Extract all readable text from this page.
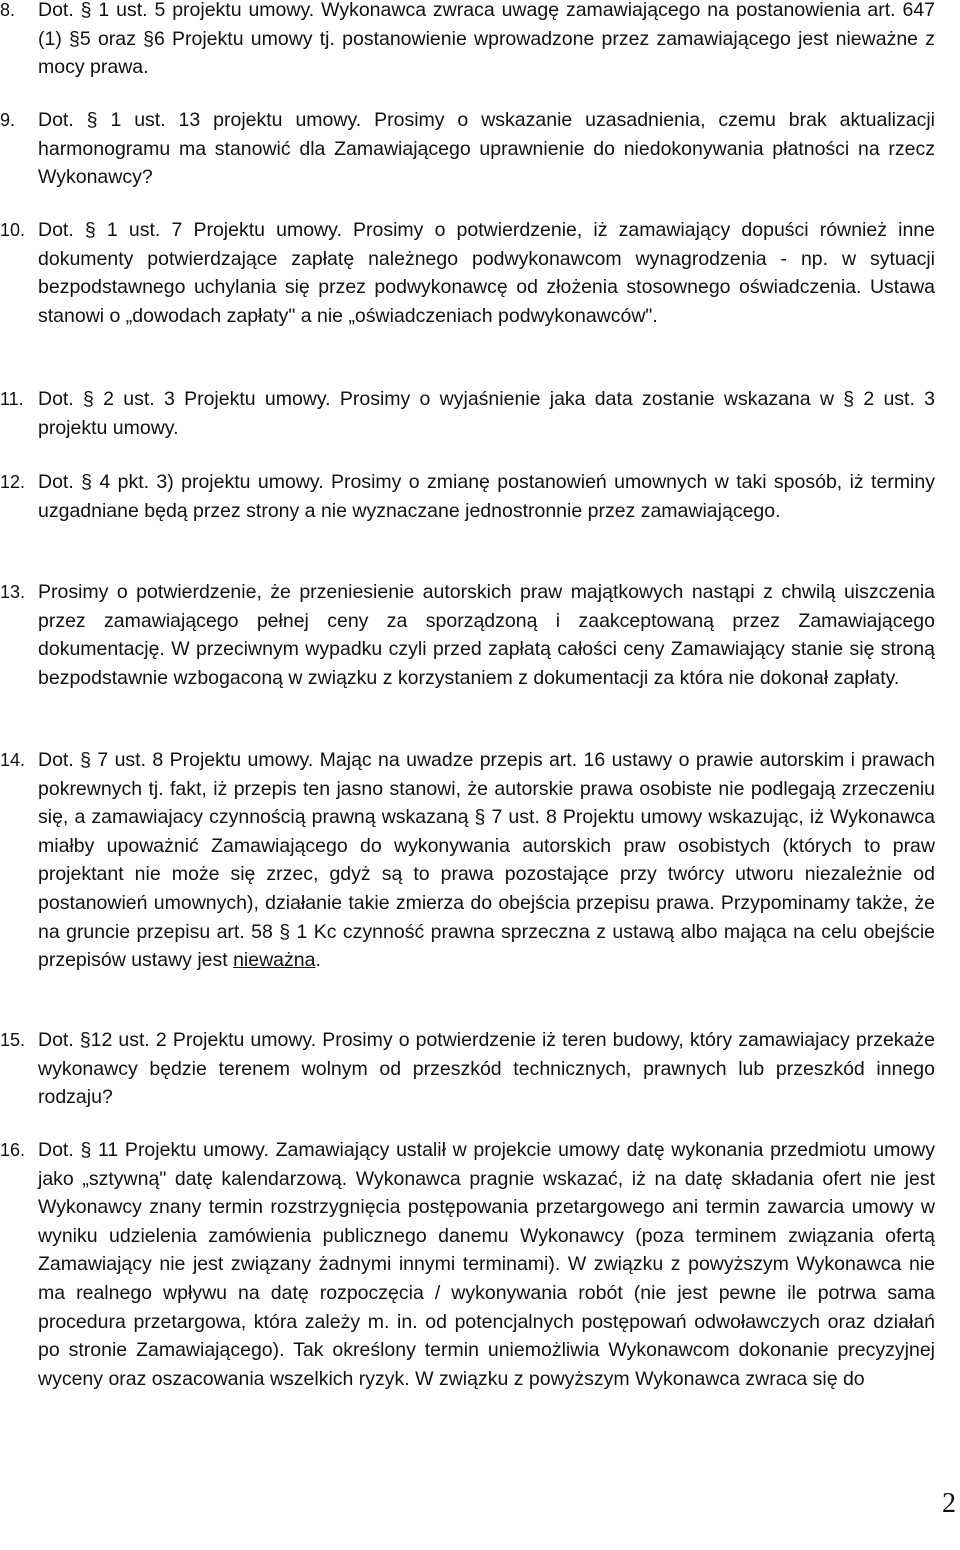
8. Dot. § 1 ust. 5 projektu umowy. Wykonawca zwraca uwagę zamawiającego na postanowienia art. 647 (1) §5 oraz §6 Projektu umowy tj. postanowienie wprowadzone przez zamawiającego jest nieważne z mocy prawa.
9. Dot. § 1 ust. 13 projektu umowy. Prosimy o wskazanie uzasadnienia, czemu brak aktualizacji harmonogramu ma stanowić dla Zamawiającego uprawnienie do niedokonywania płatności na rzecz Wykonawcy?
10. Dot. § 1 ust. 7 Projektu umowy. Prosimy o potwierdzenie, iż zamawiający dopuści również inne dokumenty potwierdzające zapłatę należnego podwykonawcom wynagrodzenia - np. w sytuacji bezpodstawnego uchylania się przez podwykonawcę od złożenia stosownego oświadczenia. Ustawa stanowi o „dowodach zapłaty" a nie „oświadczeniach podwykonawców".
11. Dot. § 2 ust. 3 Projektu umowy. Prosimy o wyjaśnienie jaka data zostanie wskazana w § 2 ust. 3 projektu umowy.
12. Dot. § 4 pkt. 3) projektu umowy. Prosimy o zmianę postanowień umownych w taki sposób, iż terminy uzgadniane będą przez strony a nie wyznaczane jednostronnie przez zamawiającego.
13. Prosimy o potwierdzenie, że przeniesienie autorskich praw majątkowych nastąpi z chwilą uiszczenia przez zamawiającego pełnej ceny za sporządzoną i zaakceptowaną przez Zamawiającego dokumentację. W przeciwnym wypadku czyli przed zapłatą całości ceny Zamawiający stanie się stroną bezpodstawnie wzbogaconą w związku z korzystaniem z dokumentacji za która nie dokonał zapłaty.
14. Dot. § 7 ust. 8 Projektu umowy. Mając na uwadze przepis art. 16 ustawy o prawie autorskim i prawach pokrewnych tj. fakt, iż przepis ten jasno stanowi, że autorskie prawa osobiste nie podlegają zrzeczeniu się, a zamawiajacy czynnością prawną wskazaną § 7 ust. 8 Projektu umowy wskazując, iż Wykonawca miałby upoważnić Zamawiającego do wykonywania autorskich praw osobistych (których to praw projektant nie może się zrzec, gdyż są to prawa pozostające przy twórcy utworu niezależnie od postanowień umownych), działanie takie zmierza do obejścia przepisu prawa. Przypominamy także, że na gruncie przepisu art. 58 § 1 Kc czynność prawna sprzeczna z ustawą albo mająca na celu obejście przepisów ustawy jest nieważna.
15. Dot. §12 ust. 2 Projektu umowy. Prosimy o potwierdzenie iż teren budowy, który zamawiajacy przekaże wykonawcy będzie terenem wolnym od przeszkód technicznych, prawnych lub przeszkód innego rodzaju?
16. Dot. § 11 Projektu umowy. Zamawiający ustalił w projekcie umowy datę wykonania przedmiotu umowy jako „sztywną" datę kalendarzową. Wykonawca pragnie wskazać, iż na datę składania ofert nie jest Wykonawcy znany termin rozstrzygnięcia postępowania przetargowego ani termin zawarcia umowy w wyniku udzielenia zamówienia publicznego danemu Wykonawcy (poza terminem związania ofertą Zamawiający nie jest związany żadnymi innymi terminami). W związku z powyższym Wykonawca nie ma realnego wpływu na datę rozpoczęcia / wykonywania robót (nie jest pewne ile potrwa sama procedura przetargowa, która zależy m. in. od potencjalnych postępowań odwoławczych oraz działań po stronie Zamawiającego). Tak określony termin uniemożliwia Wykonawcom dokonanie precyzyjnej wyceny oraz oszacowania wszelkich ryzyk. W związku z powyższym Wykonawca zwraca się do
2
